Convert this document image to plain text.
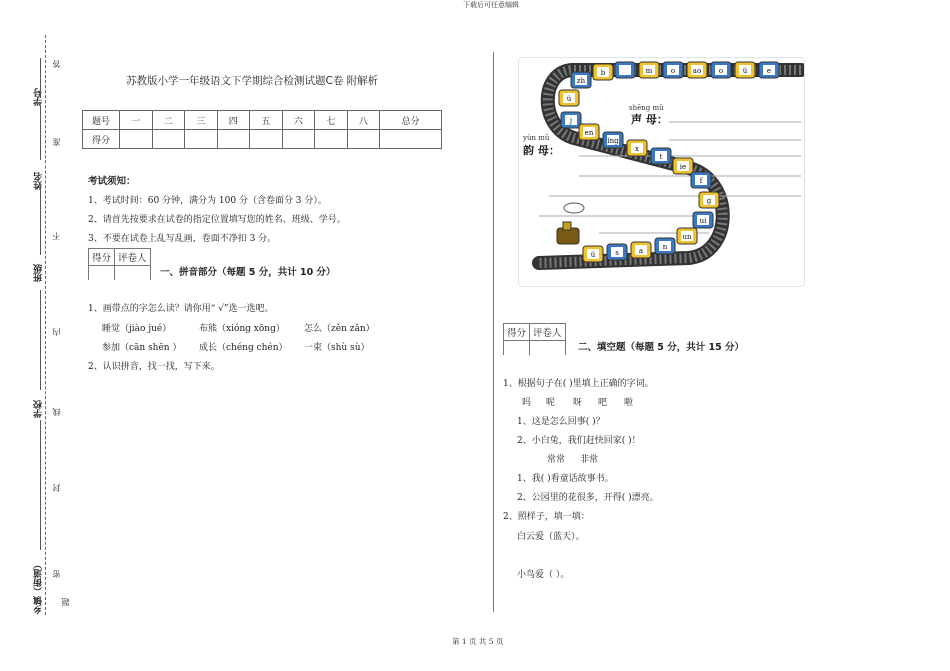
下载后可任意编辑
第 1 页 共 5 页
学号
姓名
班级
学校
乡镇（街道）
答
准
不
内
线
封
密
题
苏教版小学一年级语文下学期综合检测试题C卷 附解析
题号	一	二	三	四	五	六	七	八	总分
得分									
考试须知：
1、考试时间：60 分钟，满分为 100 分（含卷面分 3 分）。
2、请首先按要求在试卷的指定位置填写您的姓名、班级、学号。
3、不要在试卷上乱写乱画，卷面不净扣 3 分。
得分	评卷人

一、拼音部分（每题 5 分，共计 10 分）
1、画带点的字怎么读？请你用“ √”选一选吧。
睡觉（jiào jué）	布熊（xióng xōng） 怎么（zěn zǎn）
参加（cān shēn ） 成长（chéng chén） 一束（shù sù）
2、认识拼音，找一找，写下来。
e
ü
o
ao
o
m
b
zh
ü
j
en
ing
x
t
ie
f
g
ui
un
n
a
s
ü
shēng mǔ
声 母：
yùn mǔ
韵 母：
得分	评卷人

二、填空题（每题 5 分，共计 15 分）
1、根据句子在( )里填上正确的字词。
吗 呢 呀 吧 啦
1、这是怎么回事( )？
2、小白兔，我们赶快回家( )！
常常 非常
1、我( )看童话故事书。
2、公园里的花很多，开得( )漂亮。
2、照样子，填一填：
白云爱（蓝天）。
小鸟爱（ ）。
